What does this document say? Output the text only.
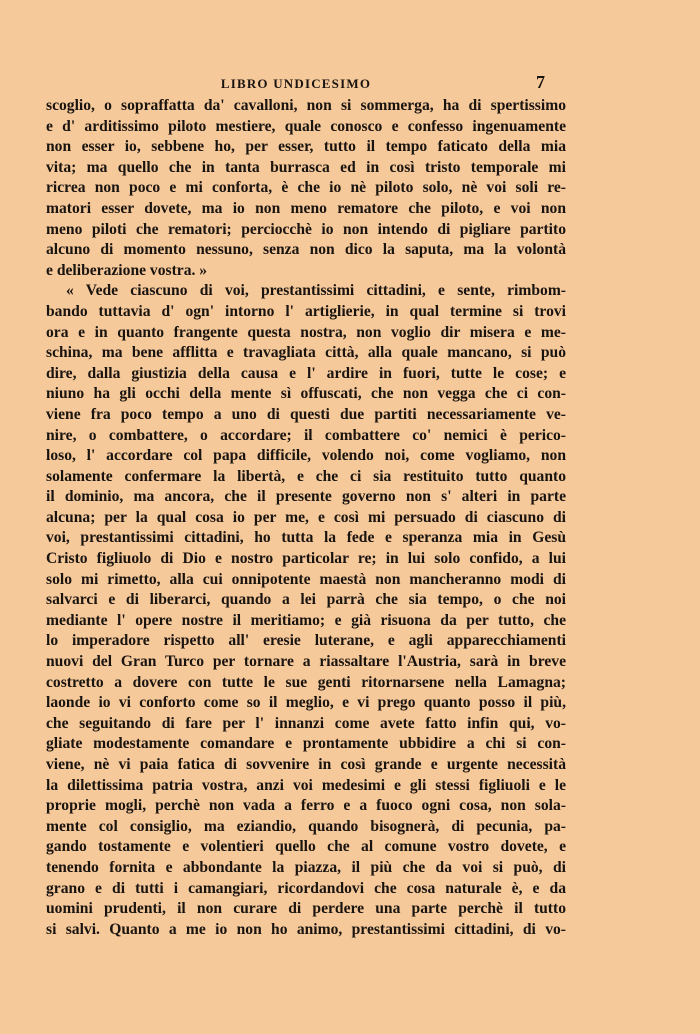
LIBRO UNDICESIMO	7
scoglio, o sopraffatta da' cavalloni, non si sommerga, ha di spertissimo
e d' arditissimo piloto mestiere, quale conosco e confesso ingenuamente
non esser io, sebbene ho, per esser, tutto il tempo faticato della mia
vita; ma quello che in tanta burrasca ed in così tristo temporale mi
ricrea non poco e mi conforta, è che io nè piloto solo, nè voi soli re-
matori esser dovete, ma io non meno rematore che piloto, e voi non
meno piloti che rematori; perciocchè io non intendo di pigliare partito
alcuno di momento nessuno, senza non dico la saputa, ma la volontà
e deliberazione vostra. »
« Vede ciascuno di voi, prestantissimi cittadini, e sente, rimbom-
bando tuttavia d' ogn' intorno l' artiglierie, in qual termine si trovi
ora e in quanto frangente questa nostra, non voglio dir misera e me-
schina, ma bene afflitta e travagliata città, alla quale mancano, si può
dire, dalla giustizia della causa e l' ardire in fuori, tutte le cose; e
niuno ha gli occhi della mente sì offuscati, che non vegga che ci con-
viene fra poco tempo a uno di questi due partiti necessariamente ve-
nire, o combattere, o accordare; il combattere co' nemici è perico-
loso, l' accordare col papa difficile, volendo noi, come vogliamo, non
solamente confermare la libertà, e che ci sia restituito tutto quanto
il dominio, ma ancora, che il presente governo non s' alteri in parte
alcuna; per la qual cosa io per me, e così mi persuado di ciascuno di
voi, prestantissimi cittadini, ho tutta la fede e speranza mia in Gesù
Cristo figliuolo di Dio e nostro particolar re; in lui solo confido, a lui
solo mi rimetto, alla cui onnipotente maestà non mancheranno modi di
salvarci e di liberarci, quando a lei parrà che sia tempo, o che noi
mediante l' opere nostre il meritiamo; e già risuona da per tutto, che
lo imperadore rispetto all' eresie luterane, e agli apparecchiamenti
nuovi del Gran Turco per tornare a riassaltare l'Austria, sarà in breve
costretto a dovere con tutte le sue genti ritornarsene nella Lamagna;
laonde io vi conforto come so il meglio, e vi prego quanto posso il più,
che seguitando di fare per l' innanzi come avete fatto infin qui, vo-
gliate modestamente comandare e prontamente ubbidire a chi si con-
viene, nè vi paia fatica di sovvenire in così grande e urgente necessità
la dilettissima patria vostra, anzi voi medesimi e gli stessi figliuoli e le
proprie mogli, perchè non vada a ferro e a fuoco ogni cosa, non sola-
mente col consiglio, ma eziandio, quando bisognerà, di pecunia, pa-
gando tostamente e volentieri quello che al comune vostro dovete, e
tenendo fornita e abbondante la piazza, il più che da voi si può, di
grano e di tutti i camangiari, ricordandovi che cosa naturale è, e da
uomini prudenti, il non curare di perdere una parte perchè il tutto
si salvi. Quanto a me io non ho animo, prestantissimi cittadini, di vo-
